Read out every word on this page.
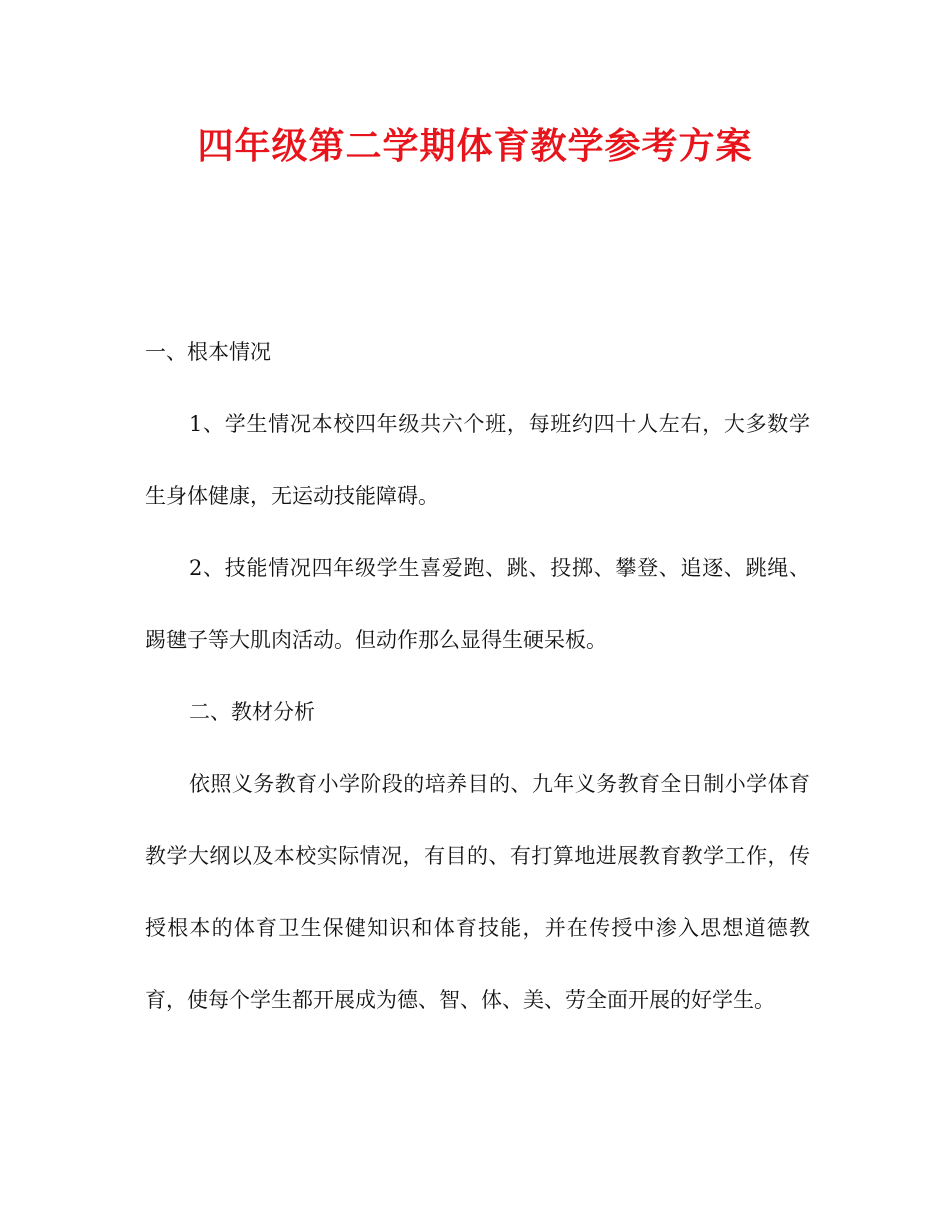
四年级第二学期体育教学参考方案

一、根本情况

1、学生情况本校四年级共六个班，每班约四十人左右，大多数学生身体健康，无运动技能障碍。

2、技能情况四年级学生喜爱跑、跳、投掷、攀登、追逐、跳绳、踢毽子等大肌肉活动。但动作那么显得生硬呆板。

二、教材分析

依照义务教育小学阶段的培养目的、九年义务教育全日制小学体育教学大纲以及本校实际情况，有目的、有打算地进展教育教学工作，传授根本的体育卫生保健知识和体育技能，并在传授中渗入思想道德教育，使每个学生都开展成为德、智、体、美、劳全面开展的好学生。
